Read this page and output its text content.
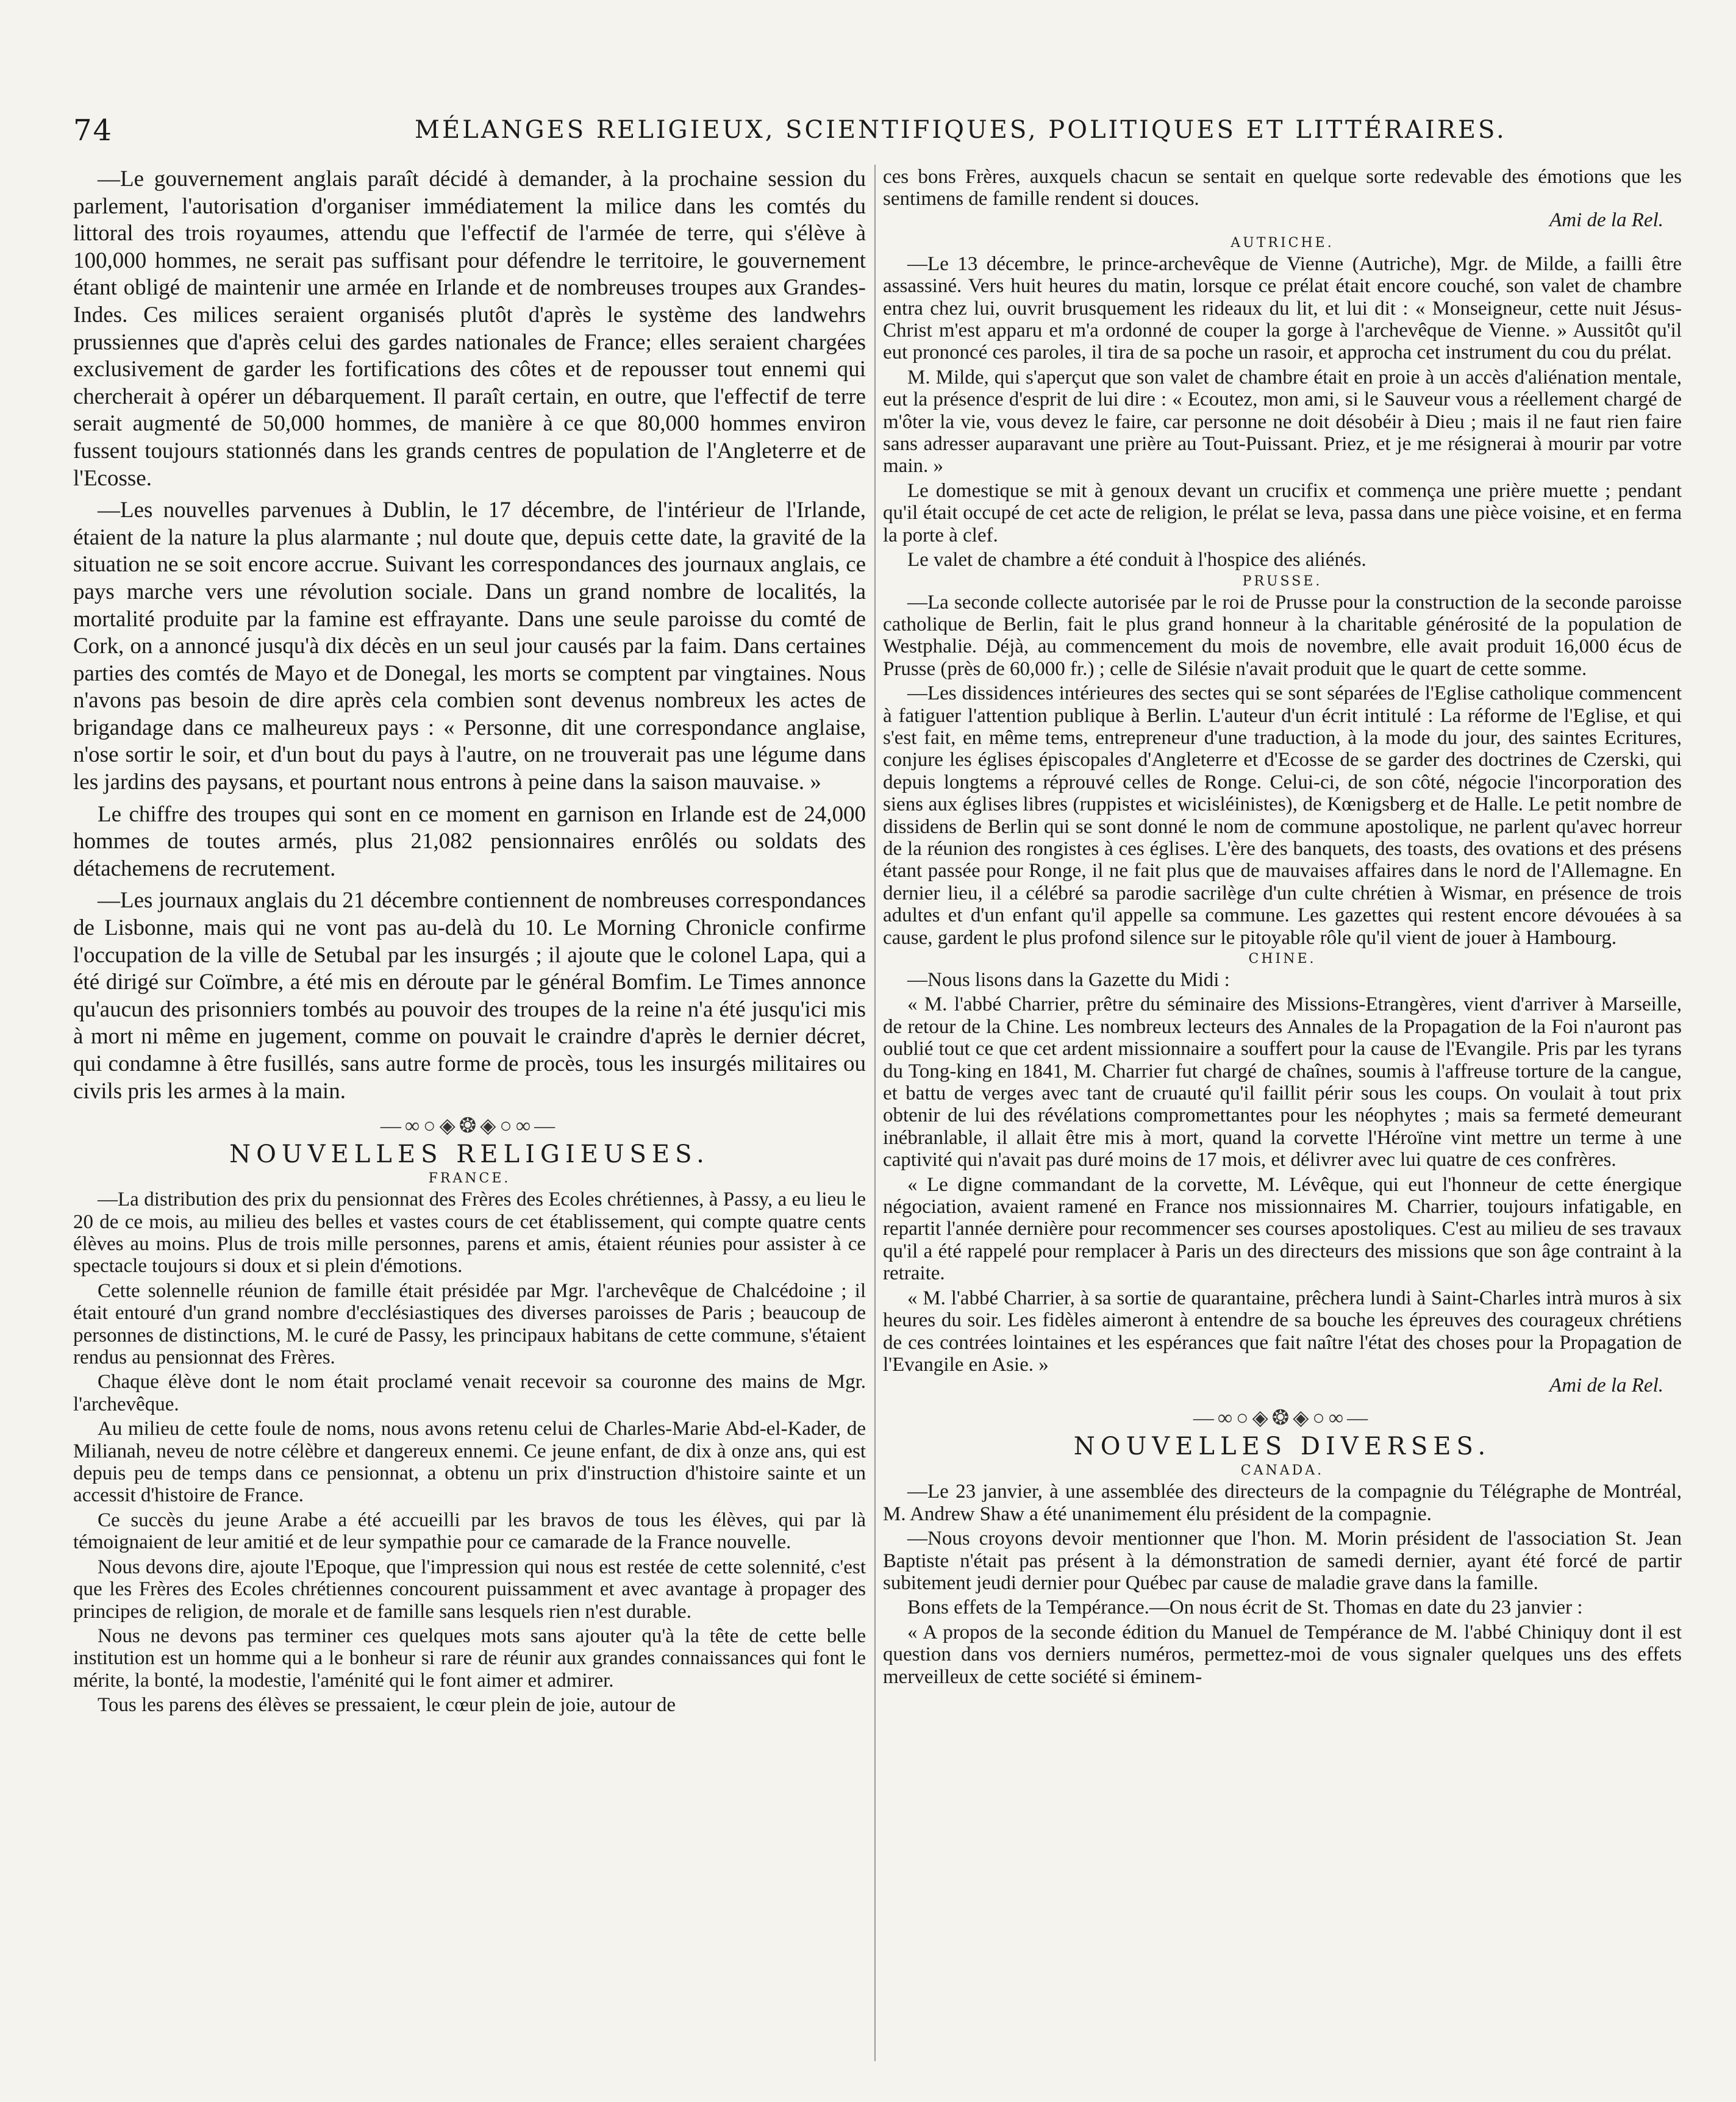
74	MÉLANGES RELIGIEUX, SCIENTIFIQUES, POLITIQUES ET LITTÉRAIRES.

—Le gouvernement anglais paraît décidé à demander, à la prochaine session du parlement, l'autorisation d'organiser immédiatement la milice dans les comtés du littoral des trois royaumes, attendu que l'effectif de l'armée de terre, qui s'élève à 100,000 hommes, ne serait pas suffisant pour défendre le territoire, le gouvernement étant obligé de maintenir une armée en Irlande et de nombreuses troupes aux Grandes-Indes. Ces milices seraient organisés plutôt d'après le système des landwehrs prussiennes que d'après celui des gardes nationales de France; elles seraient chargées exclusivement de garder les fortifications des côtes et de repousser tout ennemi qui chercherait à opérer un débarquement. Il paraît certain, en outre, que l'effectif de terre serait augmenté de 50,000 hommes, de manière à ce que 80,000 hommes environ fussent toujours stationnés dans les grands centres de population de l'Angleterre et de l'Ecosse.

—Les nouvelles parvenues à Dublin, le 17 décembre, de l'intérieur de l'Irlande, étaient de la nature la plus alarmante ; nul doute que, depuis cette date, la gravité de la situation ne se soit encore accrue. Suivant les correspondances des journaux anglais, ce pays marche vers une révolution sociale. Dans un grand nombre de localités, la mortalité produite par la famine est effrayante. Dans une seule paroisse du comté de Cork, on a annoncé jusqu'à dix décès en un seul jour causés par la faim. Dans certaines parties des comtés de Mayo et de Donegal, les morts se comptent par vingtaines. Nous n'avons pas besoin de dire après cela combien sont devenus nombreux les actes de brigandage dans ce malheureux pays : « Personne, dit une correspondance anglaise, n'ose sortir le soir, et d'un bout du pays à l'autre, on ne trouverait pas une légume dans les jardins des paysans, et pourtant nous entrons à peine dans la saison mauvaise. »

Le chiffre des troupes qui sont en ce moment en garnison en Irlande est de 24,000 hommes de toutes armés, plus 21,082 pensionnaires enrôlés ou soldats des détachemens de recrutement.

—Les journaux anglais du 21 décembre contiennent de nombreuses correspondances de Lisbonne, mais qui ne vont pas au-delà du 10. Le Morning Chronicle confirme l'occupation de la ville de Setubal par les insurgés ; il ajoute que le colonel Lapa, qui a été dirigé sur Coïmbre, a été mis en déroute par le général Bomfim. Le Times annonce qu'aucun des prisonniers tombés au pouvoir des troupes de la reine n'a été jusqu'ici mis à mort ni même en jugement, comme on pouvait le craindre d'après le dernier décret, qui condamne à être fusillés, sans autre forme de procès, tous les insurgés militaires ou civils pris les armes à la main.

—∞○◈❂◈○∞—
NOUVELLES RELIGIEUSES.
FRANCE.

—La distribution des prix du pensionnat des Frères des Ecoles chrétiennes, à Passy, a eu lieu le 20 de ce mois, au milieu des belles et vastes cours de cet établissement, qui compte quatre cents élèves au moins. Plus de trois mille personnes, parens et amis, étaient réunies pour assister à ce spectacle toujours si doux et si plein d'émotions.

Cette solennelle réunion de famille était présidée par Mgr. l'archevêque de Chalcédoine ; il était entouré d'un grand nombre d'ecclésiastiques des diverses paroisses de Paris ; beaucoup de personnes de distinctions, M. le curé de Passy, les principaux habitans de cette commune, s'étaient rendus au pensionnat des Frères.

Chaque élève dont le nom était proclamé venait recevoir sa couronne des mains de Mgr. l'archevêque.

Au milieu de cette foule de noms, nous avons retenu celui de Charles-Marie Abd-el-Kader, de Milianah, neveu de notre célèbre et dangereux ennemi. Ce jeune enfant, de dix à onze ans, qui est depuis peu de temps dans ce pensionnat, a obtenu un prix d'instruction d'histoire sainte et un accessit d'histoire de France.

Ce succès du jeune Arabe a été accueilli par les bravos de tous les élèves, qui par là témoignaient de leur amitié et de leur sympathie pour ce camarade de la France nouvelle.

Nous devons dire, ajoute l'Epoque, que l'impression qui nous est restée de cette solennité, c'est que les Frères des Ecoles chrétiennes concourent puissamment et avec avantage à propager des principes de religion, de morale et de famille sans lesquels rien n'est durable.

Nous ne devons pas terminer ces quelques mots sans ajouter qu'à la tête de cette belle institution est un homme qui a le bonheur si rare de réunir aux grandes connaissances qui font le mérite, la bonté, la modestie, l'aménité qui le font aimer et admirer.

Tous les parens des élèves se pressaient, le cœur plein de joie, autour de

ces bons Frères, auxquels chacun se sentait en quelque sorte redevable des émotions que les sentimens de famille rendent si douces.

Ami de la Rel.
AUTRICHE.

—Le 13 décembre, le prince-archevêque de Vienne (Autriche), Mgr. de Milde, a failli être assassiné. Vers huit heures du matin, lorsque ce prélat était encore couché, son valet de chambre entra chez lui, ouvrit brusquement les rideaux du lit, et lui dit : « Monseigneur, cette nuit Jésus-Christ m'est apparu et m'a ordonné de couper la gorge à l'archevêque de Vienne. » Aussitôt qu'il eut prononcé ces paroles, il tira de sa poche un rasoir, et approcha cet instrument du cou du prélat.

M. Milde, qui s'aperçut que son valet de chambre était en proie à un accès d'aliénation mentale, eut la présence d'esprit de lui dire : « Ecoutez, mon ami, si le Sauveur vous a réellement chargé de m'ôter la vie, vous devez le faire, car personne ne doit désobéir à Dieu ; mais il ne faut rien faire sans adresser auparavant une prière au Tout-Puissant. Priez, et je me résignerai à mourir par votre main. »

Le domestique se mit à genoux devant un crucifix et commença une prière muette ; pendant qu'il était occupé de cet acte de religion, le prélat se leva, passa dans une pièce voisine, et en ferma la porte à clef.

Le valet de chambre a été conduit à l'hospice des aliénés.

PRUSSE.

—La seconde collecte autorisée par le roi de Prusse pour la construction de la seconde paroisse catholique de Berlin, fait le plus grand honneur à la charitable générosité de la population de Westphalie. Déjà, au commencement du mois de novembre, elle avait produit 16,000 écus de Prusse (près de 60,000 fr.) ; celle de Silésie n'avait produit que le quart de cette somme.

—Les dissidences intérieures des sectes qui se sont séparées de l'Eglise catholique commencent à fatiguer l'attention publique à Berlin. L'auteur d'un écrit intitulé : La réforme de l'Eglise, et qui s'est fait, en même tems, entrepreneur d'une traduction, à la mode du jour, des saintes Ecritures, conjure les églises épiscopales d'Angleterre et d'Ecosse de se garder des doctrines de Czerski, qui depuis longtems a réprouvé celles de Ronge. Celui-ci, de son côté, négocie l'incorporation des siens aux églises libres (ruppistes et wicisléinistes), de Kœnigsberg et de Halle. Le petit nombre de dissidens de Berlin qui se sont donné le nom de commune apostolique, ne parlent qu'avec horreur de la réunion des rongistes à ces églises. L'ère des banquets, des toasts, des ovations et des présens étant passée pour Ronge, il ne fait plus que de mauvaises affaires dans le nord de l'Allemagne. En dernier lieu, il a célébré sa parodie sacrilège d'un culte chrétien à Wismar, en présence de trois adultes et d'un enfant qu'il appelle sa commune. Les gazettes qui restent encore dévouées à sa cause, gardent le plus profond silence sur le pitoyable rôle qu'il vient de jouer à Hambourg.

CHINE.

—Nous lisons dans la Gazette du Midi :

« M. l'abbé Charrier, prêtre du séminaire des Missions-Etrangères, vient d'arriver à Marseille, de retour de la Chine. Les nombreux lecteurs des Annales de la Propagation de la Foi n'auront pas oublié tout ce que cet ardent missionnaire a souffert pour la cause de l'Evangile. Pris par les tyrans du Tong-king en 1841, M. Charrier fut chargé de chaînes, soumis à l'affreuse torture de la cangue, et battu de verges avec tant de cruauté qu'il faillit périr sous les coups. On voulait à tout prix obtenir de lui des révélations compromettantes pour les néophytes ; mais sa fermeté demeurant inébranlable, il allait être mis à mort, quand la corvette l'Héroïne vint mettre un terme à une captivité qui n'avait pas duré moins de 17 mois, et délivrer avec lui quatre de ces confrères.

« Le digne commandant de la corvette, M. Lévêque, qui eut l'honneur de cette énergique négociation, avaient ramené en France nos missionnaires M. Charrier, toujours infatigable, en repartit l'année dernière pour recommencer ses courses apostoliques. C'est au milieu de ses travaux qu'il a été rappelé pour remplacer à Paris un des directeurs des missions que son âge contraint à la retraite.

« M. l'abbé Charrier, à sa sortie de quarantaine, prêchera lundi à Saint-Charles intrà muros à six heures du soir. Les fidèles aimeront à entendre de sa bouche les épreuves des courageux chrétiens de ces contrées lointaines et les espérances que fait naître l'état des choses pour la Propagation de l'Evangile en Asie. »

Ami de la Rel.
—∞○◈❂◈○∞—
NOUVELLES DIVERSES.
CANADA.

—Le 23 janvier, à une assemblée des directeurs de la compagnie du Télégraphe de Montréal, M. Andrew Shaw a été unanimement élu président de la compagnie.

—Nous croyons devoir mentionner que l'hon. M. Morin président de l'association St. Jean Baptiste n'était pas présent à la démonstration de samedi dernier, ayant été forcé de partir subitement jeudi dernier pour Québec par cause de maladie grave dans la famille.

Bons effets de la Tempérance.—On nous écrit de St. Thomas en date du 23 janvier :

« A propos de la seconde édition du Manuel de Tempérance de M. l'abbé Chiniquy dont il est question dans vos derniers numéros, permettez-moi de vous signaler quelques uns des effets merveilleux de cette société si éminem-
